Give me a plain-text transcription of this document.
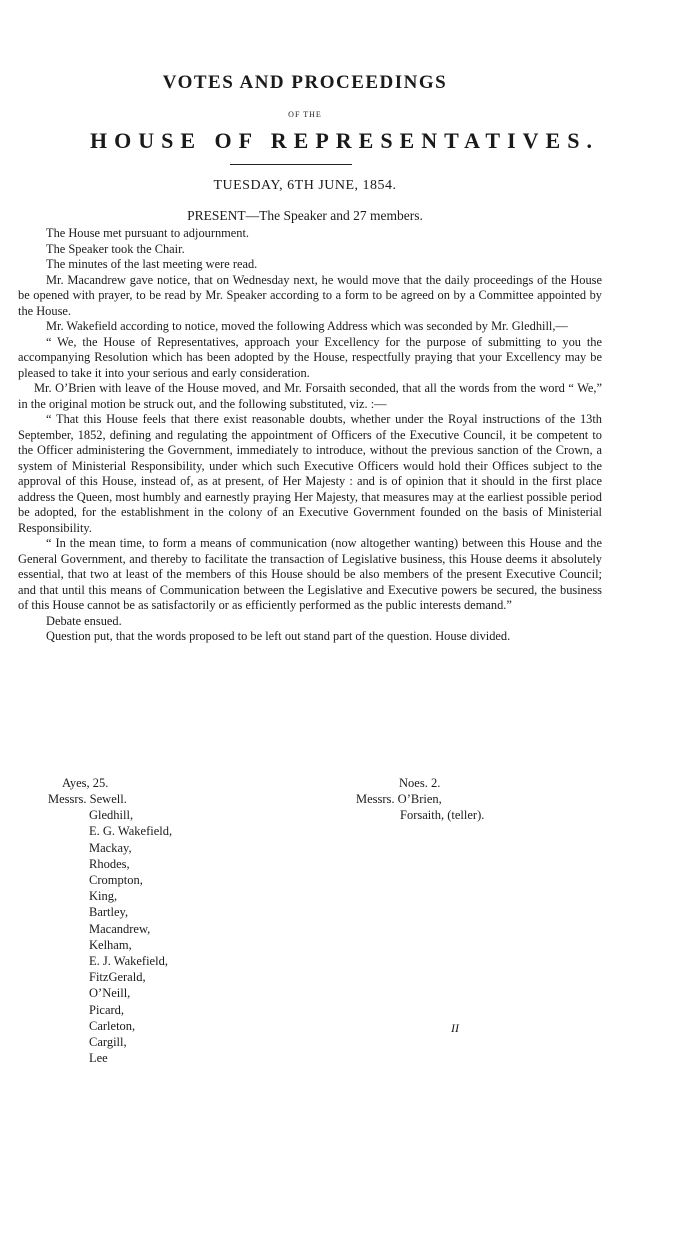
VOTES AND PROCEEDINGS
OF THE
HOUSE OF REPRESENTATIVES.
TUESDAY, 6TH JUNE, 1854.
PRESENT—The Speaker and 27 members.

The House met pursuant to adjournment.

The Speaker took the Chair.

The minutes of the last meeting were read.

Mr. Macandrew gave notice, that on Wednesday next, he would move that the daily proceedings of the House be opened with prayer, to be read by Mr. Speaker according to a form to be agreed on by a Committee appointed by the House.

Mr. Wakefield according to notice, moved the following Address which was seconded by Mr. Gledhill,—

“ We, the House of Representatives, approach your Excellency for the purpose of submitting to you the accompanying Resolution which has been adopted by the House, respectfully praying that your Excellency may be pleased to take it into your serious and early consideration.

Mr. O’Brien with leave of the House moved, and Mr. Forsaith seconded, that all the words from the word “ We,” in the original motion be struck out, and the following substituted, viz. :—

“ That this House feels that there exist reasonable doubts, whether under the Royal instructions of the 13th September, 1852, defining and regulating the appointment of Officers of the Executive Council, it be competent to the Officer administering the Government, immediately to introduce, without the previous sanction of the Crown, a system of Ministerial Responsibility, under which such Executive Officers would hold their Offices subject to the approval of this House, instead of, as at present, of Her Majesty : and is of opinion that it should in the first place address the Queen, most humbly and earnestly praying Her Majesty, that measures may at the earliest possible period be adopted, for the establishment in the colony of an Executive Government founded on the basis of Ministerial Responsibility.

“ In the mean time, to form a means of communication (now altogether wanting) between this House and the General Government, and thereby to facilitate the transaction of Legislative business, this House deems it absolutely essential, that two at least of the members of this House should be also members of the present Executive Council; and that until this means of Communication between the Legislative and Executive powers be secured, the business of this House cannot be as satisfactorily or as efficiently performed as the public interests demand.”

Debate ensued.

Question put, that the words proposed to be left out stand part of the question. House divided.

Ayes, 25.	Noes. 2.
Messrs. Sewell.
Gledhill,
E. G. Wakefield,
Mackay,
Rhodes,
Crompton,
King,
Bartley,
Macandrew,
Kelham,
E. J. Wakefield,
FitzGerald,
O’Neill,
Picard,
Carleton,
Cargill,
Lee
Messrs. O’Brien,
Forsaith, (teller).
II
